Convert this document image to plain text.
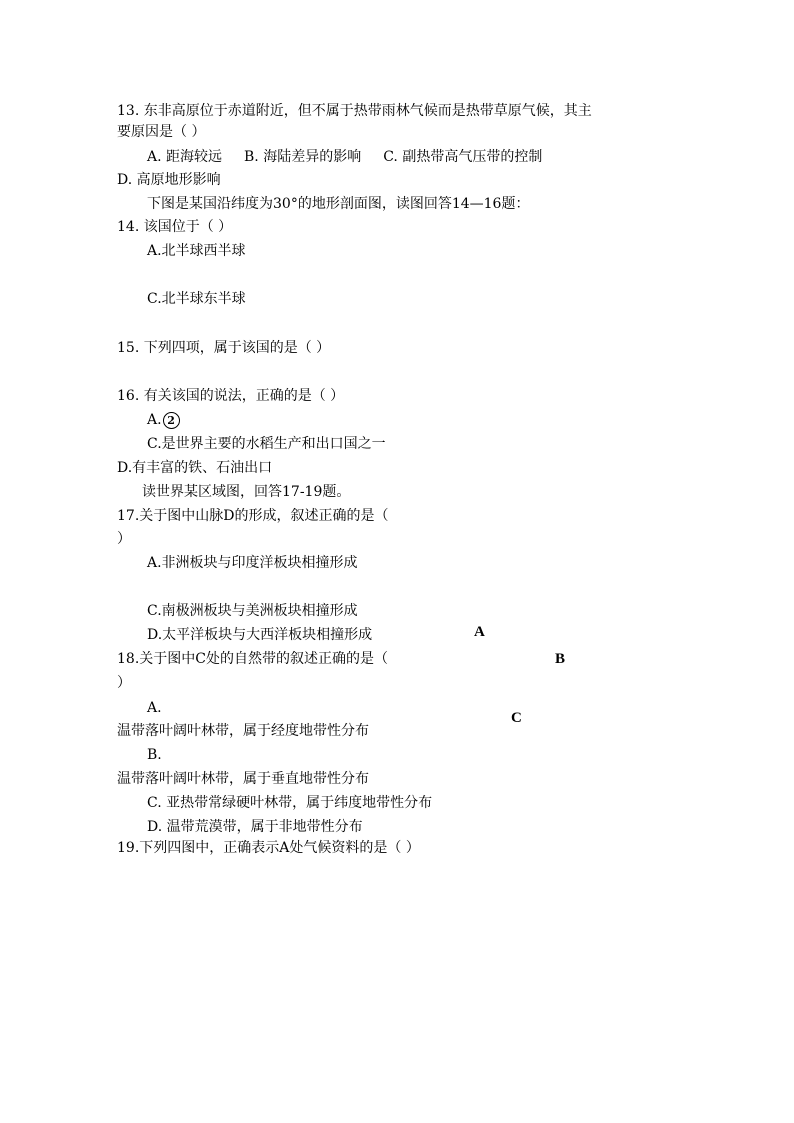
13. 东非高原位于赤道附近，但不属于热带雨林气候而是热带草原气候，其主
要原因是（ ）
A. 距海较远 B. 海陆差异的影响 C. 副热带高气压带的控制
D. 高原地形影响
下图是某国沿纬度为30°的地形剖面图，读图回答14—16题：
14. 该国位于（ ）
A.北半球西半球
C.北半球东半球
15. 下列四项，属于该国的是（ ）
16. 有关该国的说法，正确的是（ ）
A. 2
C.是世界主要的水稻生产和出口国之一
D.有丰富的铁、石油出口
读世界某区域图，回答17-19题。
17.关于图中山脉D的形成，叙述正确的是（
）
A.非洲板块与印度洋板块相撞形成
C.南极洲板块与美洲板块相撞形成
D.太平洋板块与大西洋板块相撞形成
18.关于图中C处的自然带的叙述正确的是（
）
A.
温带落叶阔叶林带，属于经度地带性分布
B.
温带落叶阔叶林带，属于垂直地带性分布
C. 亚热带常绿硬叶林带，属于纬度地带性分布
D. 温带荒漠带，属于非地带性分布
19.下列四图中，正确表示A处气候资料的是（ ）
A
B
C
